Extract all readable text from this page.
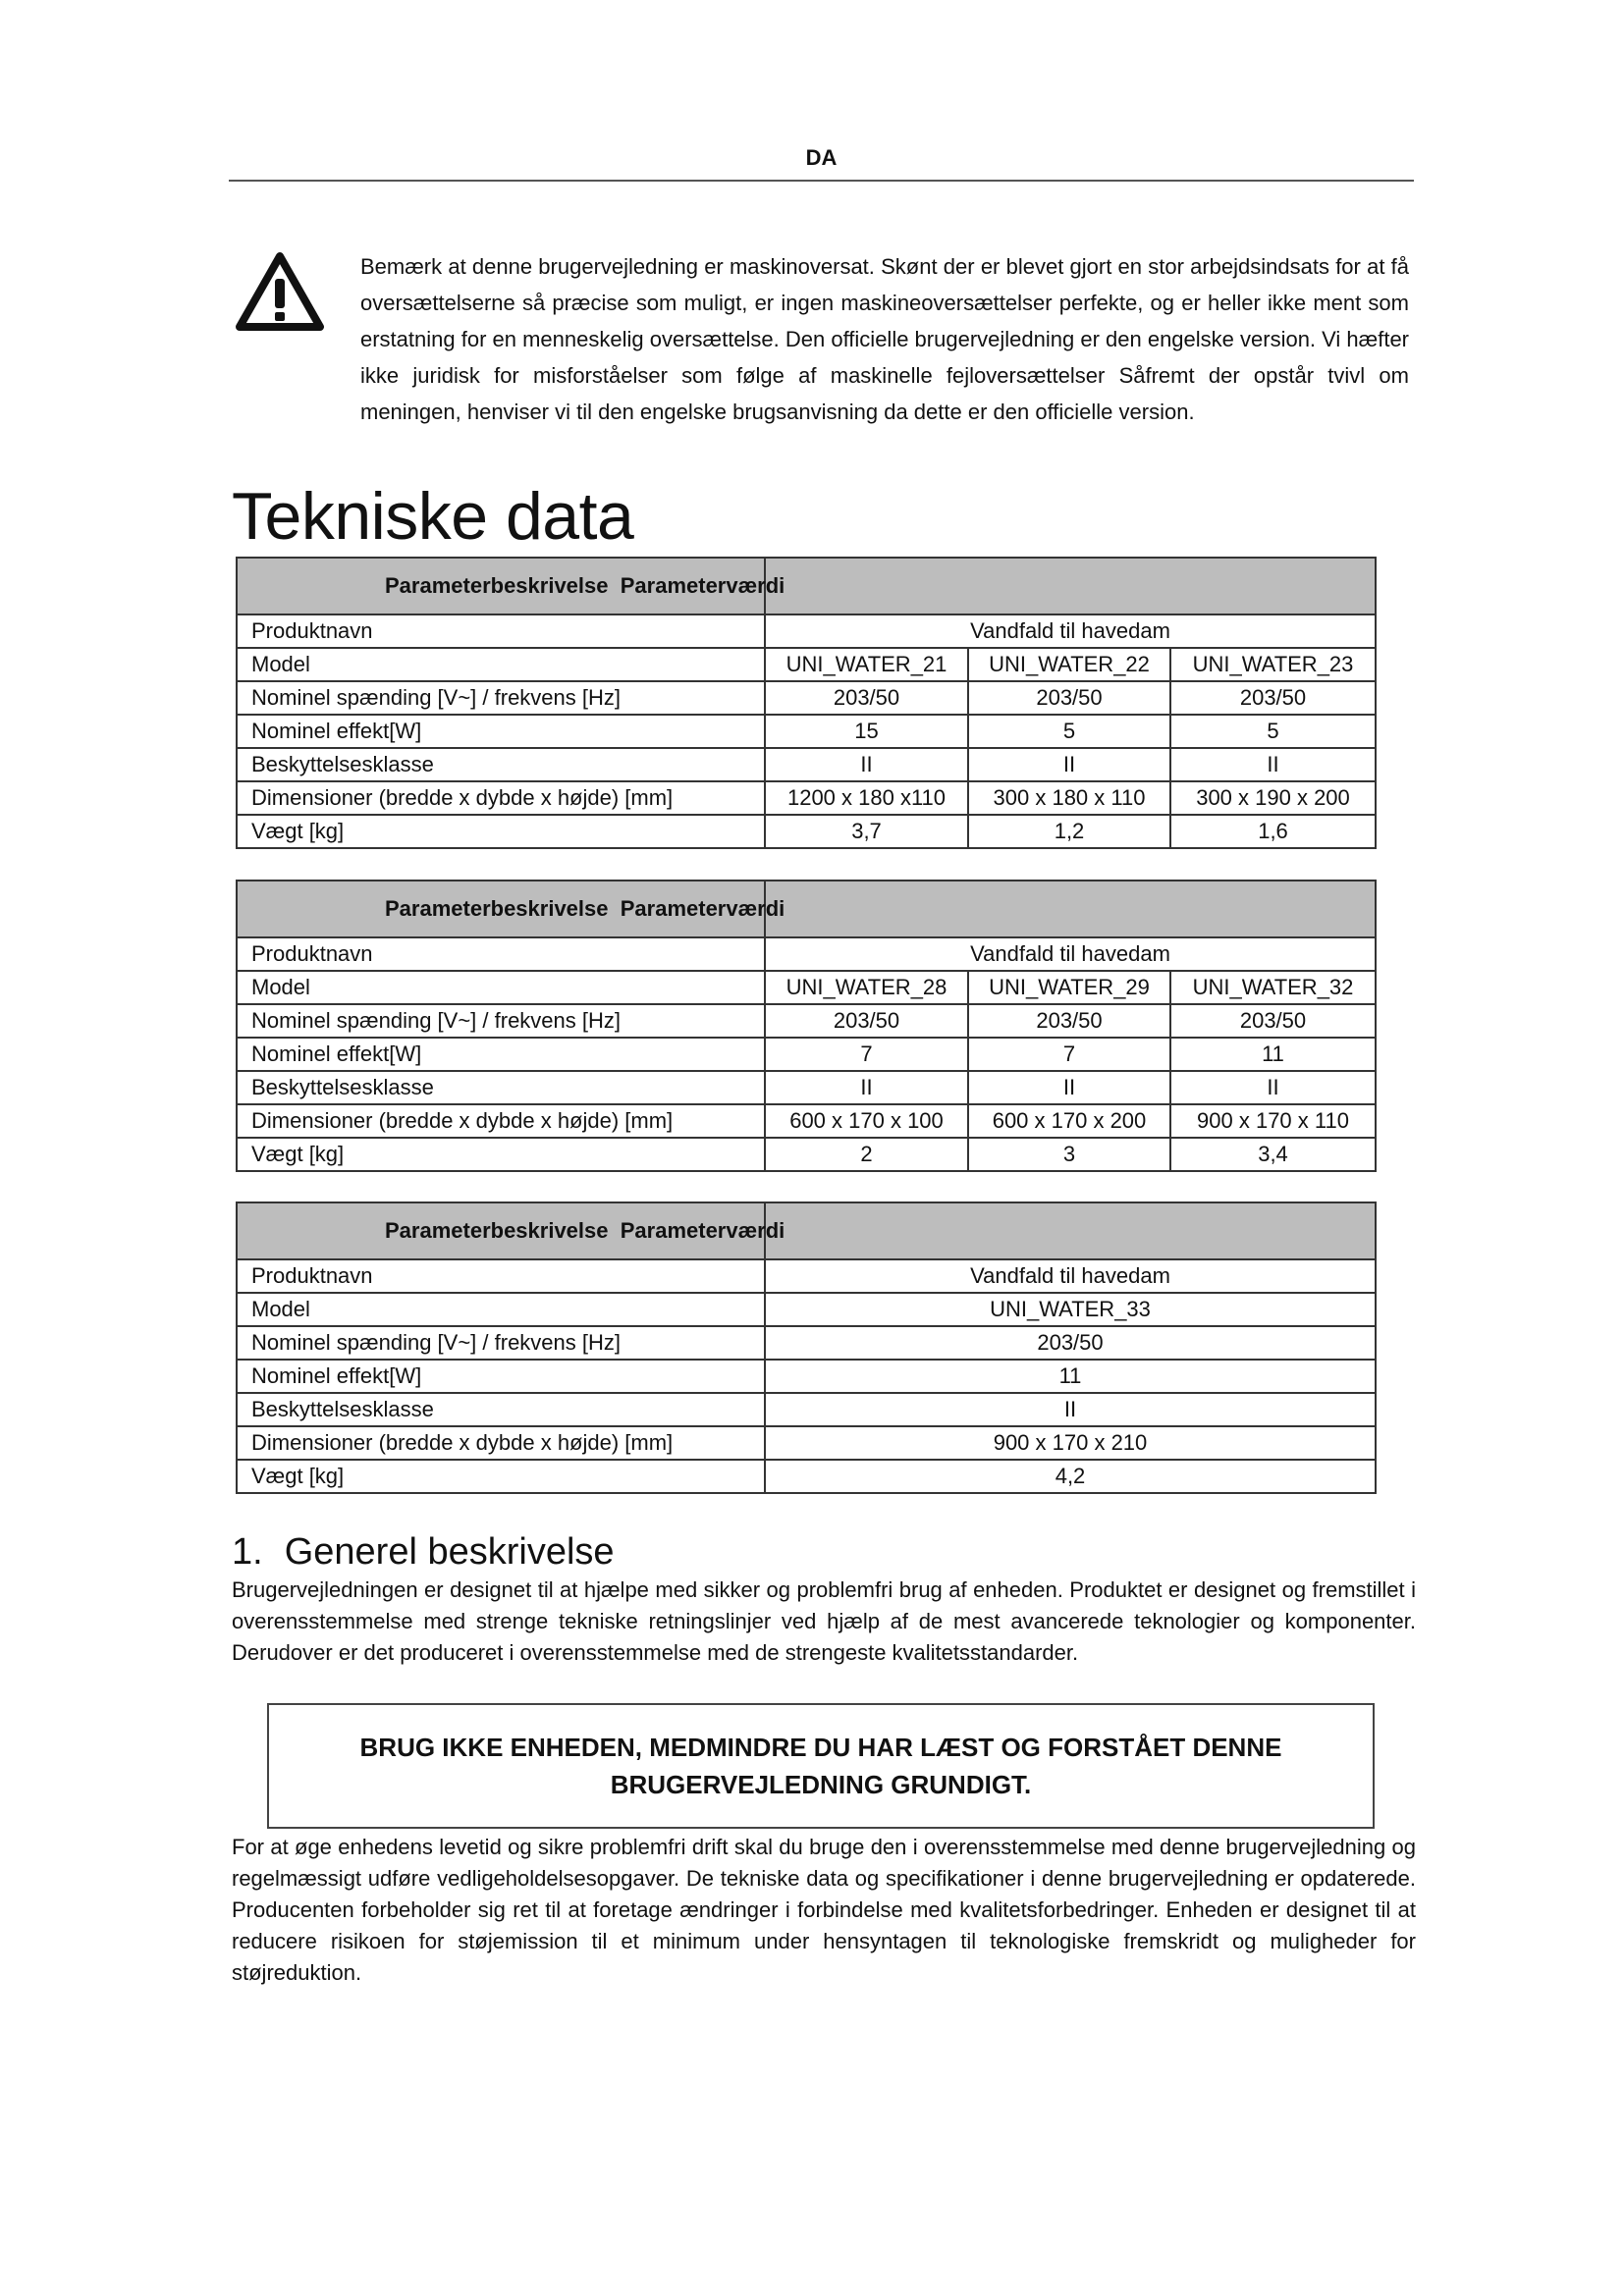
DA
Bemærk at denne brugervejledning er maskinoversat. Skønt der er blevet gjort en stor arbejdsindsats for at få oversættelserne så præcise som muligt, er ingen maskineoversættelser perfekte, og er heller ikke ment som erstatning for en menneskelig oversættelse. Den officielle brugervejledning er den engelske version. Vi hæfter ikke juridisk for misforståelser som følge af maskinelle fejloversættelser Såfremt der opstår tvivl om meningen, henviser vi til den engelske brugsanvisning da dette er den officielle version.
Tekniske data
Parameterbeskrivelse Parameterværdi			
Produktnavn	Vandfald til havedam		
Model	UNI_WATER_21	UNI_WATER_22	UNI_WATER_23
Nominel spænding [V~] / frekvens [Hz]	203/50	203/50	203/50
Nominel effekt[W]	15	5	5
Beskyttelsesklasse	II	II	II
Dimensioner (bredde x dybde x højde) [mm]	1200 x 180 x110	300 x 180 x 110	300 x 190 x 200
Vægt [kg]	3,7	1,2	1,6
Parameterbeskrivelse Parameterværdi			
Produktnavn	Vandfald til havedam		
Model	UNI_WATER_28	UNI_WATER_29	UNI_WATER_32
Nominel spænding [V~] / frekvens [Hz]	203/50	203/50	203/50
Nominel effekt[W]	7	7	11
Beskyttelsesklasse	II	II	II
Dimensioner (bredde x dybde x højde) [mm]	600 x 170 x 100	600 x 170 x 200	900 x 170 x 110
Vægt [kg]	2	3	3,4
Parameterbeskrivelse Parameterværdi	
Produktnavn	Vandfald til havedam
Model	UNI_WATER_33
Nominel spænding [V~] / frekvens [Hz]	203/50
Nominel effekt[W]	11
Beskyttelsesklasse	II
Dimensioner (bredde x dybde x højde) [mm]	900 x 170 x 210
Vægt [kg]	4,2
1. Generel beskrivelse

Brugervejledningen er designet til at hjælpe med sikker og problemfri brug af enheden. Produktet er designet og fremstillet i overensstemmelse med strenge tekniske retningslinjer ved hjælp af de mest avancerede teknologier og komponenter. Derudover er det produceret i overensstemmelse med de strengeste kvalitetsstandarder.

BRUG IKKE ENHEDEN, MEDMINDRE DU HAR LÆST OG FORSTÅET DENNE
BRUGERVEJLEDNING GRUNDIGT.

For at øge enhedens levetid og sikre problemfri drift skal du bruge den i overensstemmelse med denne brugervejledning og regelmæssigt udføre vedligeholdelsesopgaver. De tekniske data og specifikationer i denne brugervejledning er opdaterede. Producenten forbeholder sig ret til at foretage ændringer i forbindelse med kvalitetsforbedringer. Enheden er designet til at reducere risikoen for støjemission til et minimum under hensyntagen til teknologiske fremskridt og muligheder for støjreduktion.
